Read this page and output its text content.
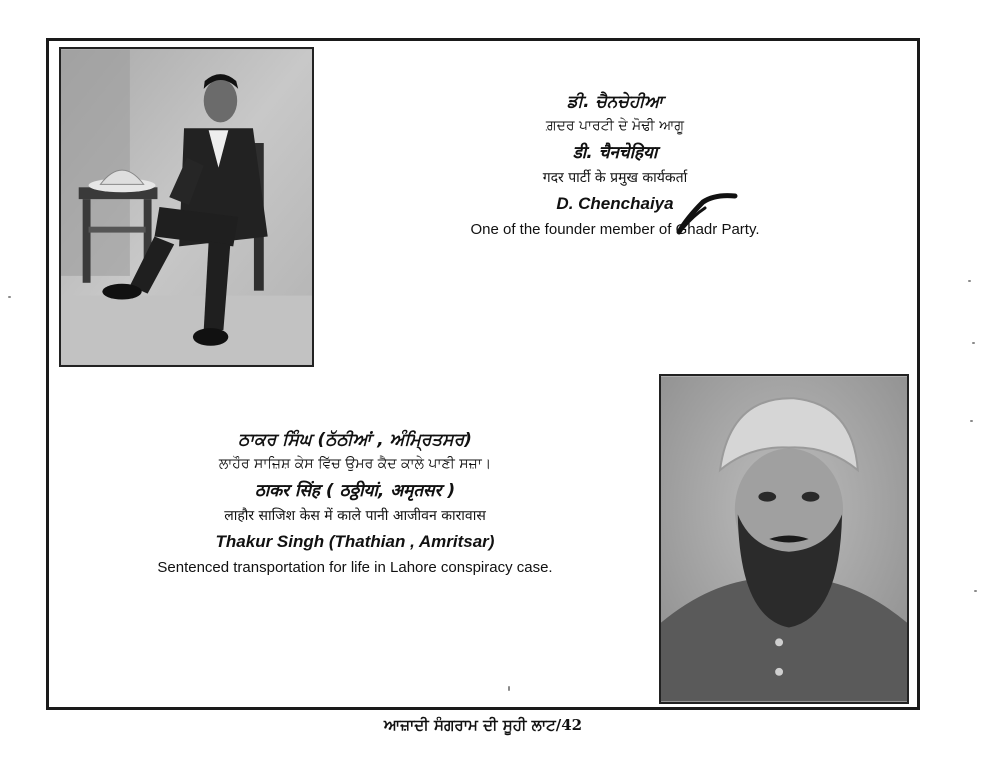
ਡੀ. ਚੈਨਚੇਹੀਆ
ਗ਼ਦਰ ਪਾਰਟੀ ਦੇ ਮੋਢੀ ਆਗੂ
डी. चैनचेहिया
गदर पार्टी के प्रमुख कार्यकर्ता
D. Chenchaiya
One of the founder member of Ghadr Party.
ਠਾਕਰ ਸਿੰਘ (ਠੱਠੀਆਂ , ਅੰਮ੍ਰਿਤਸਰ)
ਲਾਹੌਰ ਸਾਜ਼ਿਸ਼ ਕੇਸ ਵਿੱਚ ਉਮਰ ਕੈਦ ਕਾਲੇ ਪਾਣੀ ਸਜ਼ਾ।
ठाकर सिंह ( ठठ्ठीयां, अमृतसर )
लाहौर साजिश केस में काले पानी आजीवन कारावास
Thakur Singh (Thathian , Amritsar)
Sentenced transportation for life in Lahore conspiracy case.
ਆਜ਼ਾਦੀ ਸੰਗਰਾਮ ਦੀ ਸੂਹੀ ਲਾਟ/42
